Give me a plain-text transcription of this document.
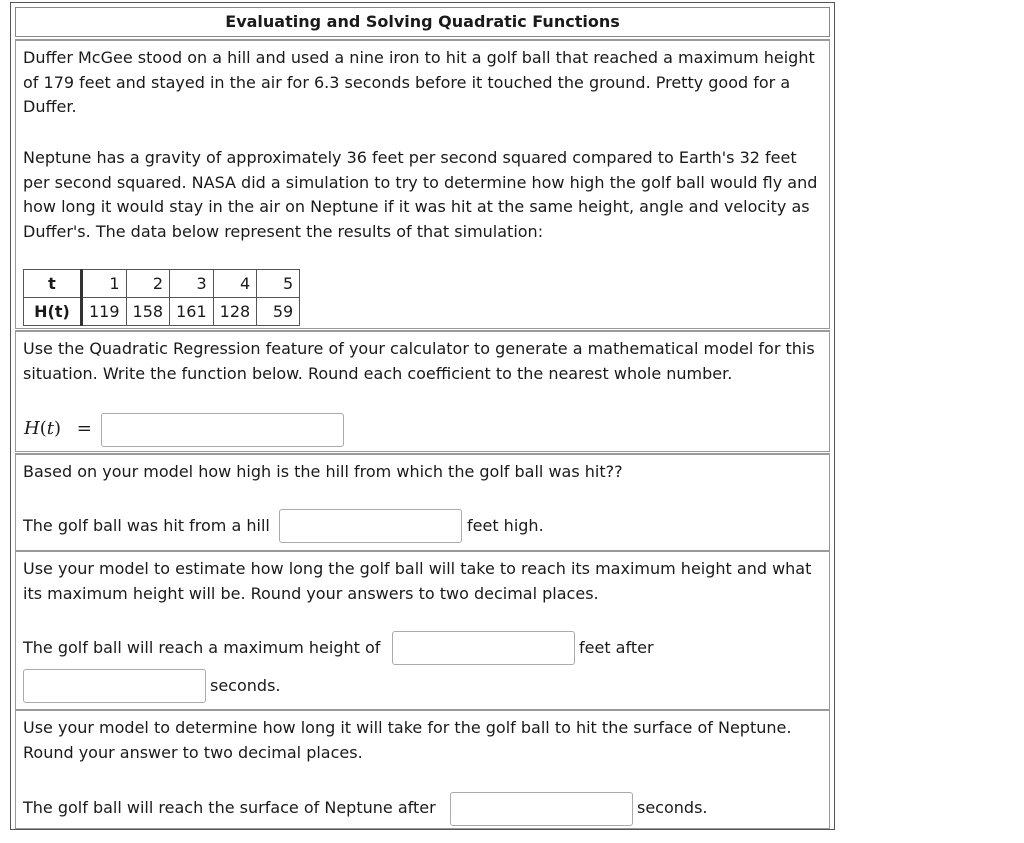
Evaluating and Solving Quadratic Functions

Duffer McGee stood on a hill and used a nine iron to hit a golf ball that reached a maximum height of 179 feet and stayed in the air for 6.3 seconds before it touched the ground. Pretty good for a Duffer.

Neptune has a gravity of approximately 36 feet per second squared compared to Earth's 32 feet per second squared. NASA did a simulation to try to determine how high the golf ball would fly and how long it would stay in the air on Neptune if it was hit at the same height, angle and velocity as Duffer's. The data below represent the results of that simulation:

t	1	2	3	4	5
H(t)	119	158	161	128	59

Use the Quadratic Regression feature of your calculator to generate a mathematical model for this situation. Write the function below. Round each coefficient to the nearest whole number.

H(t) =

Based on your model how high is the hill from which the golf ball was hit??

The golf ball was hit from a hill	feet high.

Use your model to estimate how long the golf ball will take to reach its maximum height and what its maximum height will be. Round your answers to two decimal places.

The golf ball will reach a maximum height of	feet after
seconds.

Use your model to determine how long it will take for the golf ball to hit the surface of Neptune. Round your answer to two decimal places.

The golf ball will reach the surface of Neptune after	seconds.
